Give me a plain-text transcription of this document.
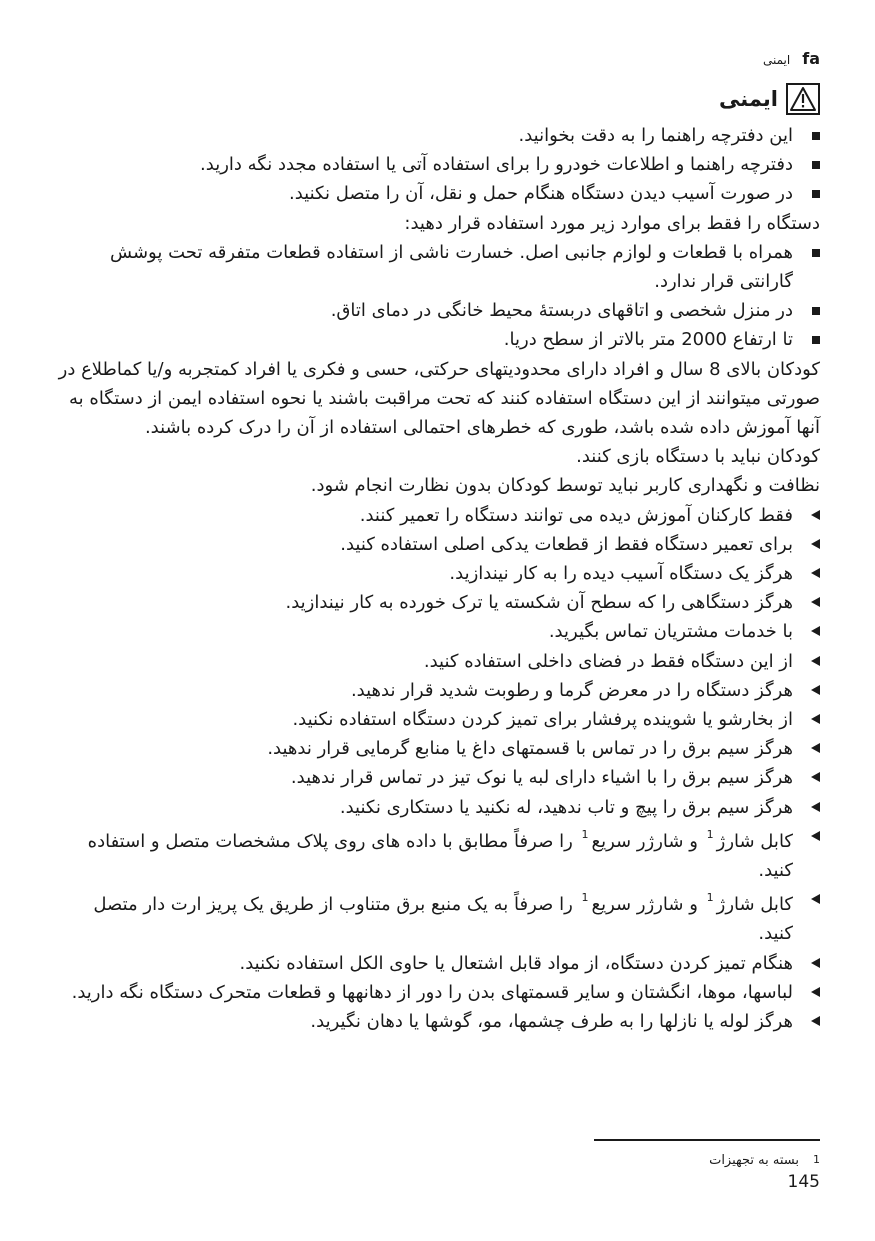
fa
ایمنی
ایمنی
این دفترچه راهنما را به دقت بخوانید.
دفترچه راهنما و اطلاعات خودرو را برای استفاده آتی یا استفاده مجدد نگه دارید.
در صورت آسیب دیدن دستگاه هنگام حمل و نقل، آن را متصل نکنید.
دستگاه را فقط برای موارد زیر مورد استفاده قرار دهید:
همراه با قطعات و لوازم جانبی اصل. خسارت ناشی از استفاده قطعات متفرقه تحت پوشش گارانتی قرار ندارد.
در منزل شخصی و اتاقهای دربستهٔ محیط خانگی در دمای اتاق.
تا ارتفاع 2000 متر بالاتر از سطح دریا.
کودکان بالای 8 سال و افراد دارای محدودیتهای حرکتی، حسی و فکری یا افراد کمتجربه و/یا کماطلاع در صورتی میتوانند از این دستگاه استفاده کنند که تحت مراقبت باشند یا نحوه استفاده ایمن از دستگاه به آنها آموزش داده شده باشد، طوری که خطرهای احتمالی استفاده از آن را درک کرده باشند.
کودکان نباید با دستگاه بازی کنند.
نظافت و نگهداری کاربر نباید توسط کودکان بدون نظارت انجام شود.
فقط کارکنان آموزش دیده می توانند دستگاه را تعمیر کنند.
برای تعمیر دستگاه فقط از قطعات یدکی اصلی استفاده کنید.
هرگز یک دستگاه آسیب دیده را به کار نیندازید.
هرگز دستگاهی را که سطح آن شکسته یا ترک خورده به کار نیندازید.
با خدمات مشتریان تماس بگیرید.
از این دستگاه فقط در فضای داخلی استفاده کنید.
هرگز دستگاه را در معرض گرما و رطوبت شدید قرار ندهید.
از بخارشو یا شوینده پرفشار برای تمیز کردن دستگاه استفاده نکنید.
هرگز سیم برق را در تماس با قسمتهای داغ یا منابع گرمایی قرار ندهید.
هرگز سیم برق را با اشیاء دارای لبه یا نوک تیز در تماس قرار ندهید.
هرگز سیم برق را پیچ و تاب ندهید، له نکنید یا دستکاری نکنید.
کابل شارژ$^1$ و شارژر سریع$^1$ را صرفاً مطابق با داده های روی پلاک مشخصات متصل و استفاده کنید.
کابل شارژ$^1$ و شارژر سریع$^1$ را صرفاً به یک منبع برق متناوب از طریق یک پریز ارت دار متصل کنید.
هنگام تمیز کردن دستگاه، از مواد قابل اشتعال یا حاوی الکل استفاده نکنید.
لباسها، موها، انگشتان و سایر قسمتهای بدن را دور از دهانهها و قطعات متحرک دستگاه نگه دارید.
هرگز لوله یا نازلها را به طرف چشمها، مو، گوشها یا دهان نگیرید.
1
بسته به تجهیزات
145
